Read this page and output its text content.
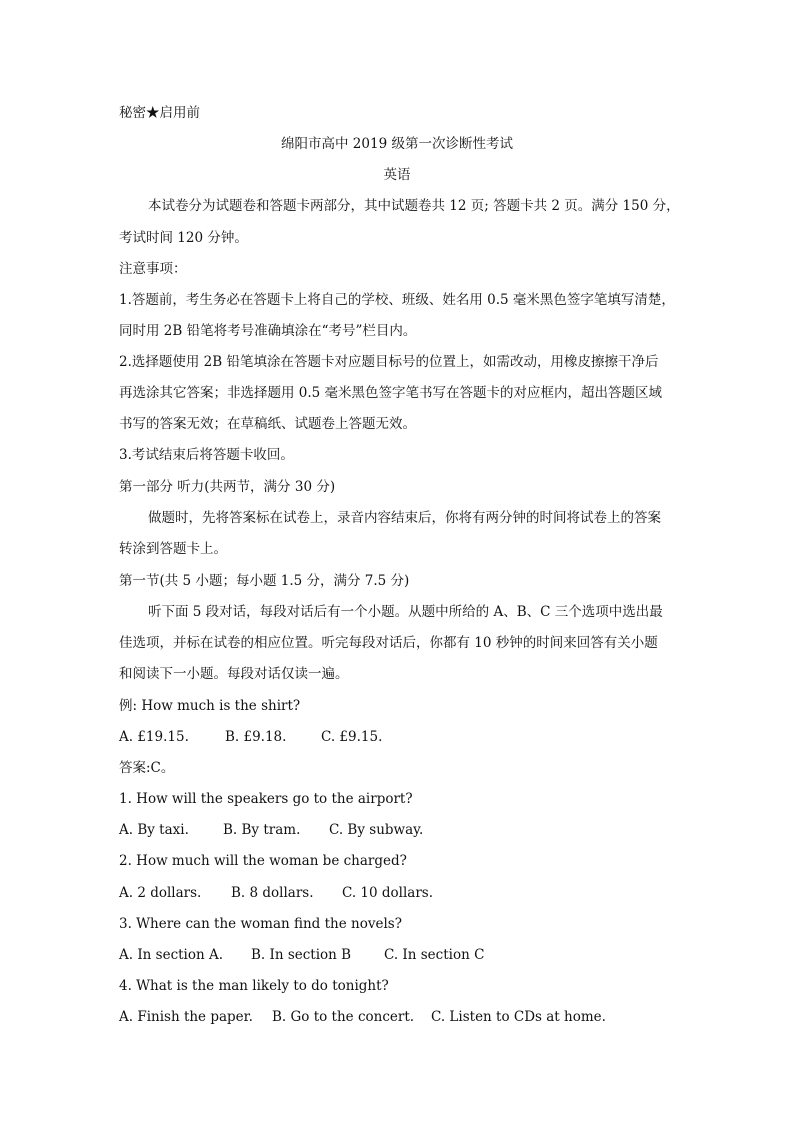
秘密★启用前
绵阳市高中 2019 级第一次诊断性考试
英语
本试卷分为试题卷和答题卡两部分，其中试题卷共 12 页; 答题卡共 2 页。满分 150 分，
考试时间 120 分钟。
注意事项：
1.答题前，考生务必在答题卡上将自己的学校、班级、姓名用 0.5 毫米黑色签字笔填写清楚，
同时用 2B 铅笔将考号准确填涂在“考号”栏目内。
2.选择题使用 2B 铅笔填涂在答题卡对应题目标号的位置上，如需改动，用橡皮擦擦干净后
再选涂其它答案；非选择题用 0.5 毫米黑色签字笔书写在答题卡的对应框内，超出答题区域
书写的答案无效；在草稿纸、试题卷上答题无效。
3.考试结束后将答题卡收回。
第一部分 听力(共两节，满分 30 分)
做题时，先将答案标在试卷上，录音内容结束后，你将有两分钟的时间将试卷上的答案
转涂到答题卡上。
第一节(共 5 小题；每小题 1.5 分，满分 7.5 分)
听下面 5 段对话，每段对话后有一个小题。从题中所给的 A、B、C 三个选项中选出最
佳选项，并标在试卷的相应位置。听完每段对话后，你都有 10 秒钟的时间来回答有关小题
和阅读下一小题。每段对话仅读一遍。
例: How much is the shirt?
A. £19.15.	B. £9.18.	C. £9.15.
答案:C。
1. How will the speakers go to the airport?
A. By taxi.	B. By tram. C. By subway.
2. How much will the woman be charged?
A. 2 dollars. B. 8 dollars. C. 10 dollars.
3. Where can the woman find the novels?
A. In section A. B. In section B C. In section C
4. What is the man likely to do tonight?
A. Finish the paper. B. Go to the concert. C. Listen to CDs at home.
